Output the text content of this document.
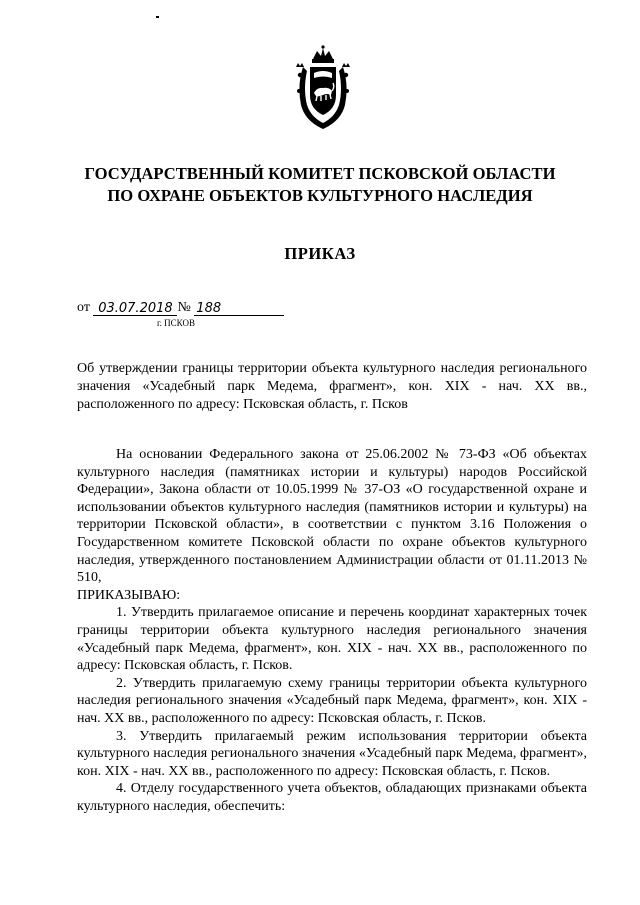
ГОСУДАРСТВЕННЫЙ КОМИТЕТ ПСКОВСКОЙ ОБЛАСТИ
ПО ОХРАНЕ ОБЪЕКТОВ КУЛЬТУРНОГО НАСЛЕДИЯ
ПРИКАЗ
от 03.07.2018 № 188
г. ПСКОВ

Об утверждении границы территории объекта культурного наследия регионального значения «Усадебный парк Медема, фрагмент», кон. XIX - нач. XX вв., расположенного по адресу: Псковская область, г. Псков

На основании Федерального закона от 25.06.2002 № 73-ФЗ «Об объектах культурного наследия (памятниках истории и культуры) народов Российской Федерации», Закона области от 10.05.1999 № 37-ОЗ «О государственной охране и использовании объектов культурного наследия (памятников истории и культуры) на территории Псковской области», в соответствии с пунктом 3.16 Положения о Государственном комитете Псковской области по охране объектов культурного наследия, утвержденного постановлением Администрации области от 01.11.2013 № 510,

ПРИКАЗЫВАЮ:

1. Утвердить прилагаемое описание и перечень координат характерных точек границы территории объекта культурного наследия регионального значения «Усадебный парк Медема, фрагмент», кон. XIX - нач. XX вв., расположенного по адресу: Псковская область, г. Псков.

2. Утвердить прилагаемую схему границы территории объекта культурного наследия регионального значения «Усадебный парк Медема, фрагмент», кон. XIX - нач. XX вв., расположенного по адресу: Псковская область, г. Псков.

3. Утвердить прилагаемый режим использования территории объекта культурного наследия регионального значения «Усадебный парк Медема, фрагмент», кон. XIX - нач. XX вв., расположенного по адресу: Псковская область, г. Псков.

4. Отделу государственного учета объектов, обладающих признаками объекта культурного наследия, обеспечить:
